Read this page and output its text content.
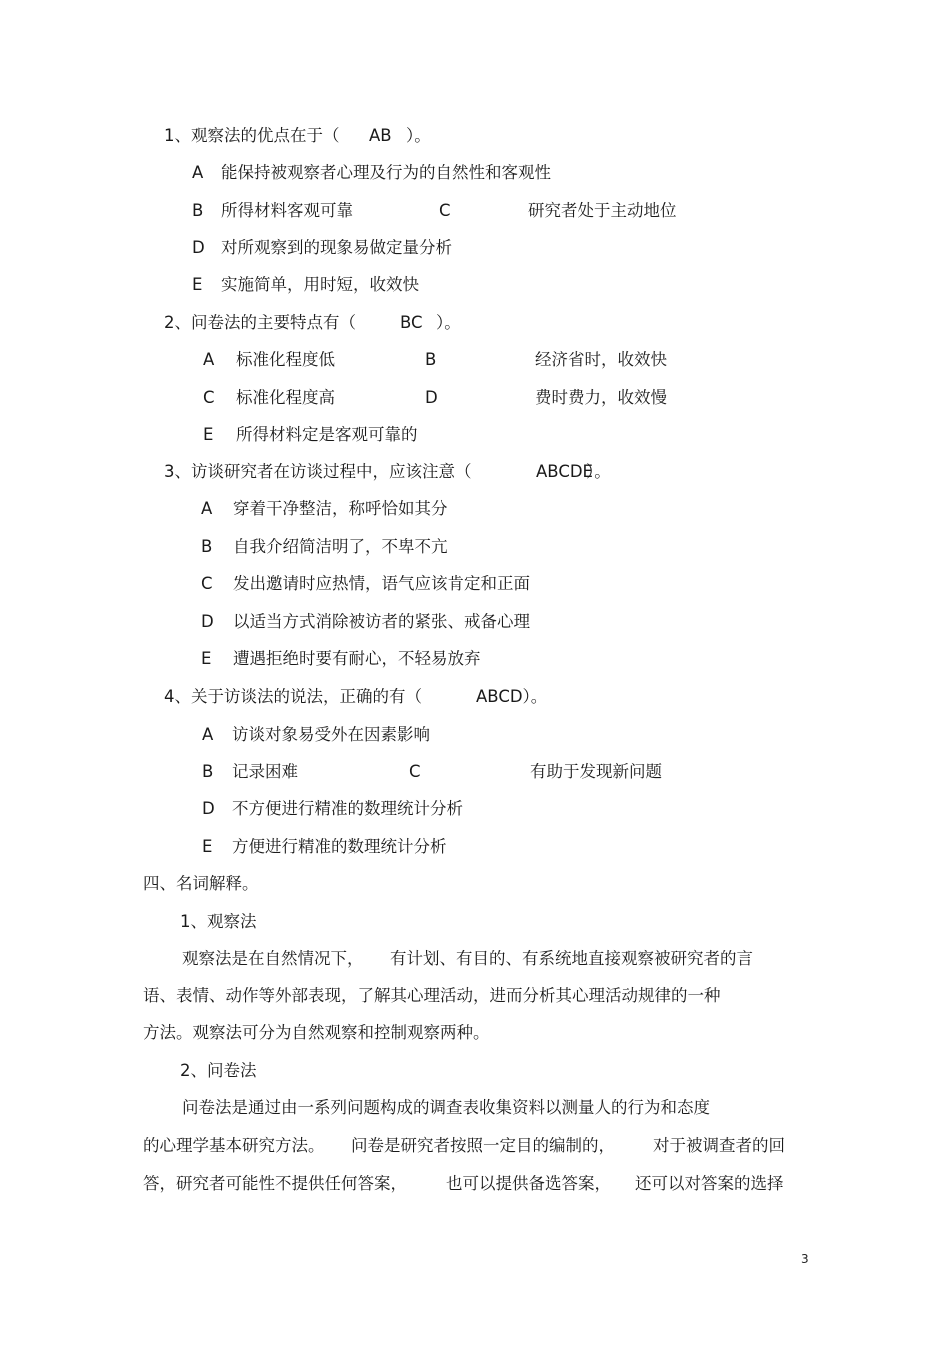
1、观察法的优点在于（ AB ）。
A 能保持被观察者心理及行为的自然性和客观性
B 所得材料客观可靠	C	研究者处于主动地位
D 对所观察到的现象易做定量分析
E 实施简单，用时短，收效快
2、问卷法的主要特点有（	BC ）。
A 标准化程度低	B	经济省时，收效快
C 标准化程度高	D	费时费力，收效慢
E 所得材料定是客观可靠的
3、访谈研究者在访谈过程中，应该注意（	ABCDE
）。
A 穿着干净整洁，称呼恰如其分
B 自我介绍简洁明了，不卑不亢
C 发出邀请时应热情，语气应该肯定和正面
D 以适当方式消除被访者的紧张、戒备心理
E 遭遇拒绝时要有耐心，不轻易放弃
4、关于访谈法的说法，正确的有（	ABCD）。
A 访谈对象易受外在因素影响
B 记录困难	C	有助于发现新问题
D 不方便进行精准的数理统计分析
E 方便进行精准的数理统计分析
四、名词解释。
1、观察法
观察法是在自然情况下， 有计划、有目的、有系统地直接观察被研究者的言
语、表情、动作等外部表现，了解其心理活动，进而分析其心理活动规律的一种
方法。观察法可分为自然观察和控制观察两种。
2、问卷法
问卷法是通过由一系列问题构成的调查表收集资料以测量人的行为和态度
的心理学基本研究方法。 问卷是研究者按照一定目的编制的， 对于被调查者的回
答，研究者可能性不提供任何答案， 也可以提供备选答案， 还可以对答案的选择
3
